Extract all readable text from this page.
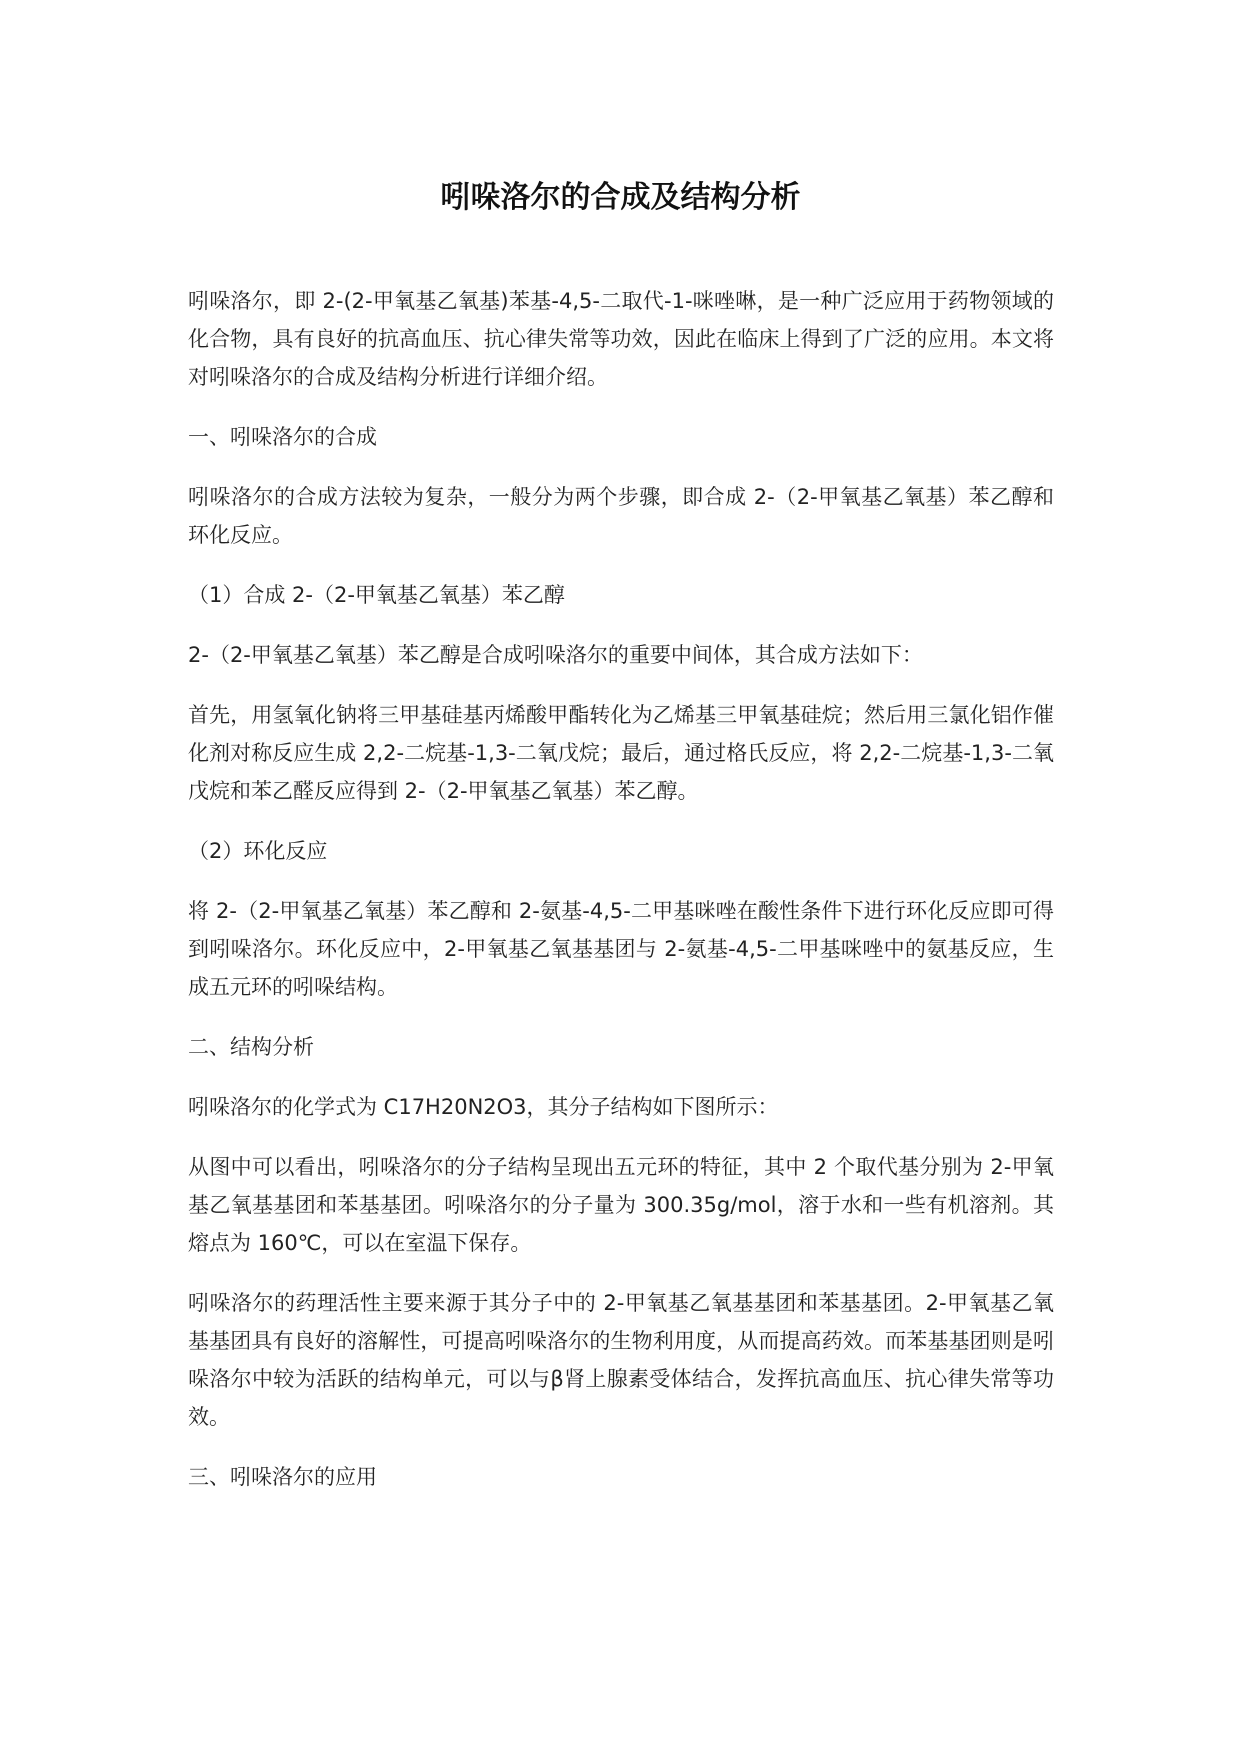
吲哚洛尔的合成及结构分析

吲哚洛尔，即 2-(2-甲氧基乙氧基)苯基-4,5-二取代-1-咪唑啉，是一种广泛应用于药物领域的化合物，具有良好的抗高血压、抗心律失常等功效，因此在临床上得到了广泛的应用。本文将对吲哚洛尔的合成及结构分析进行详细介绍。

一、吲哚洛尔的合成

吲哚洛尔的合成方法较为复杂，一般分为两个步骤，即合成 2-（2-甲氧基乙氧基）苯乙醇和环化反应。

（1）合成 2-（2-甲氧基乙氧基）苯乙醇

2-（2-甲氧基乙氧基）苯乙醇是合成吲哚洛尔的重要中间体，其合成方法如下：

首先，用氢氧化钠将三甲基硅基丙烯酸甲酯转化为乙烯基三甲氧基硅烷；然后用三氯化铝作催化剂对称反应生成 2,2-二烷基-1,3-二氧戊烷；最后，通过格氏反应，将 2,2-二烷基-1,3-二氧戊烷和苯乙醛反应得到 2-（2-甲氧基乙氧基）苯乙醇。

（2）环化反应

将 2-（2-甲氧基乙氧基）苯乙醇和 2-氨基-4,5-二甲基咪唑在酸性条件下进行环化反应即可得到吲哚洛尔。环化反应中，2-甲氧基乙氧基基团与 2-氨基-4,5-二甲基咪唑中的氨基反应，生成五元环的吲哚结构。

二、结构分析

吲哚洛尔的化学式为 C17H20N2O3，其分子结构如下图所示：

从图中可以看出，吲哚洛尔的分子结构呈现出五元环的特征，其中 2 个取代基分别为 2-甲氧基乙氧基基团和苯基基团。吲哚洛尔的分子量为 300.35g/mol，溶于水和一些有机溶剂。其熔点为 160℃，可以在室温下保存。

吲哚洛尔的药理活性主要来源于其分子中的 2-甲氧基乙氧基基团和苯基基团。2-甲氧基乙氧基基团具有良好的溶解性，可提高吲哚洛尔的生物利用度，从而提高药效。而苯基基团则是吲哚洛尔中较为活跃的结构单元，可以与β肾上腺素受体结合，发挥抗高血压、抗心律失常等功效。

三、吲哚洛尔的应用
